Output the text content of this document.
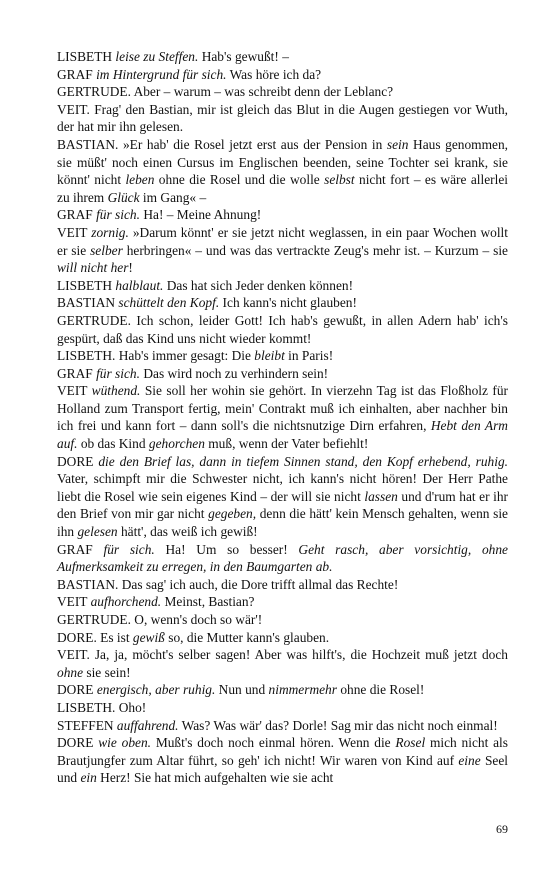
LISBETH leise zu Steffen. Hab's gewußt! –

GRAF im Hintergrund für sich. Was höre ich da?

GERTRUDE. Aber – warum – was schreibt denn der Leblanc?

VEIT. Frag' den Bastian, mir ist gleich das Blut in die Augen gestiegen vor Wuth, der hat mir ihn gelesen.

BASTIAN. »Er hab' die Rosel jetzt erst aus der Pension in sein Haus genommen, sie müßt' noch einen Cursus im Englischen beenden, seine Tochter sei krank, sie könnt' nicht leben ohne die Rosel und die wolle selbst nicht fort – es wäre allerlei zu ihrem Glück im Gang« –

GRAF für sich. Ha! – Meine Ahnung!

VEIT zornig. »Darum könnt' er sie jetzt nicht weglassen, in ein paar Wochen wollt er sie selber herbringen« – und was das vertrackte Zeug's mehr ist. – Kurzum – sie will nicht her!

LISBETH halblaut. Das hat sich Jeder denken können!

BASTIAN schüttelt den Kopf. Ich kann's nicht glauben!

GERTRUDE. Ich schon, leider Gott! Ich hab's gewußt, in allen Adern hab' ich's gespürt, daß das Kind uns nicht wieder kommt!

LISBETH. Hab's immer gesagt: Die bleibt in Paris!

GRAF für sich. Das wird noch zu verhindern sein!

VEIT wüthend. Sie soll her wohin sie gehört. In vierzehn Tag ist das Floßholz für Holland zum Transport fertig, mein' Contrakt muß ich einhalten, aber nachher bin ich frei und kann fort – dann soll's die nichtsnutzige Dirn erfahren, Hebt den Arm auf. ob das Kind gehorchen muß, wenn der Vater befiehlt!

DORE die den Brief las, dann in tiefem Sinnen stand, den Kopf erhebend, ruhig. Vater, schimpft mir die Schwester nicht, ich kann's nicht hören! Der Herr Pathe liebt die Rosel wie sein eigenes Kind – der will sie nicht lassen und d'rum hat er ihr den Brief von mir gar nicht gegeben, denn die hätt' kein Mensch gehalten, wenn sie ihn gelesen hätt', das weiß ich gewiß!

GRAF für sich. Ha! Um so besser! Geht rasch, aber vorsichtig, ohne Aufmerksamkeit zu erregen, in den Baumgarten ab.

BASTIAN. Das sag' ich auch, die Dore trifft allmal das Rechte!

VEIT aufhorchend. Meinst, Bastian?

GERTRUDE. O, wenn's doch so wär'!

DORE. Es ist gewiß so, die Mutter kann's glauben.

VEIT. Ja, ja, möcht's selber sagen! Aber was hilft's, die Hochzeit muß jetzt doch ohne sie sein!

DORE energisch, aber ruhig. Nun und nimmermehr ohne die Rosel!

LISBETH. Oho!

STEFFEN auffahrend. Was? Was wär' das? Dorle! Sag mir das nicht noch einmal!

DORE wie oben. Mußt's doch noch einmal hören. Wenn die Rosel mich nicht als Brautjungfer zum Altar führt, so geh' ich nicht! Wir waren von Kind auf eine Seel und ein Herz! Sie hat mich aufgehalten wie sie acht

69
